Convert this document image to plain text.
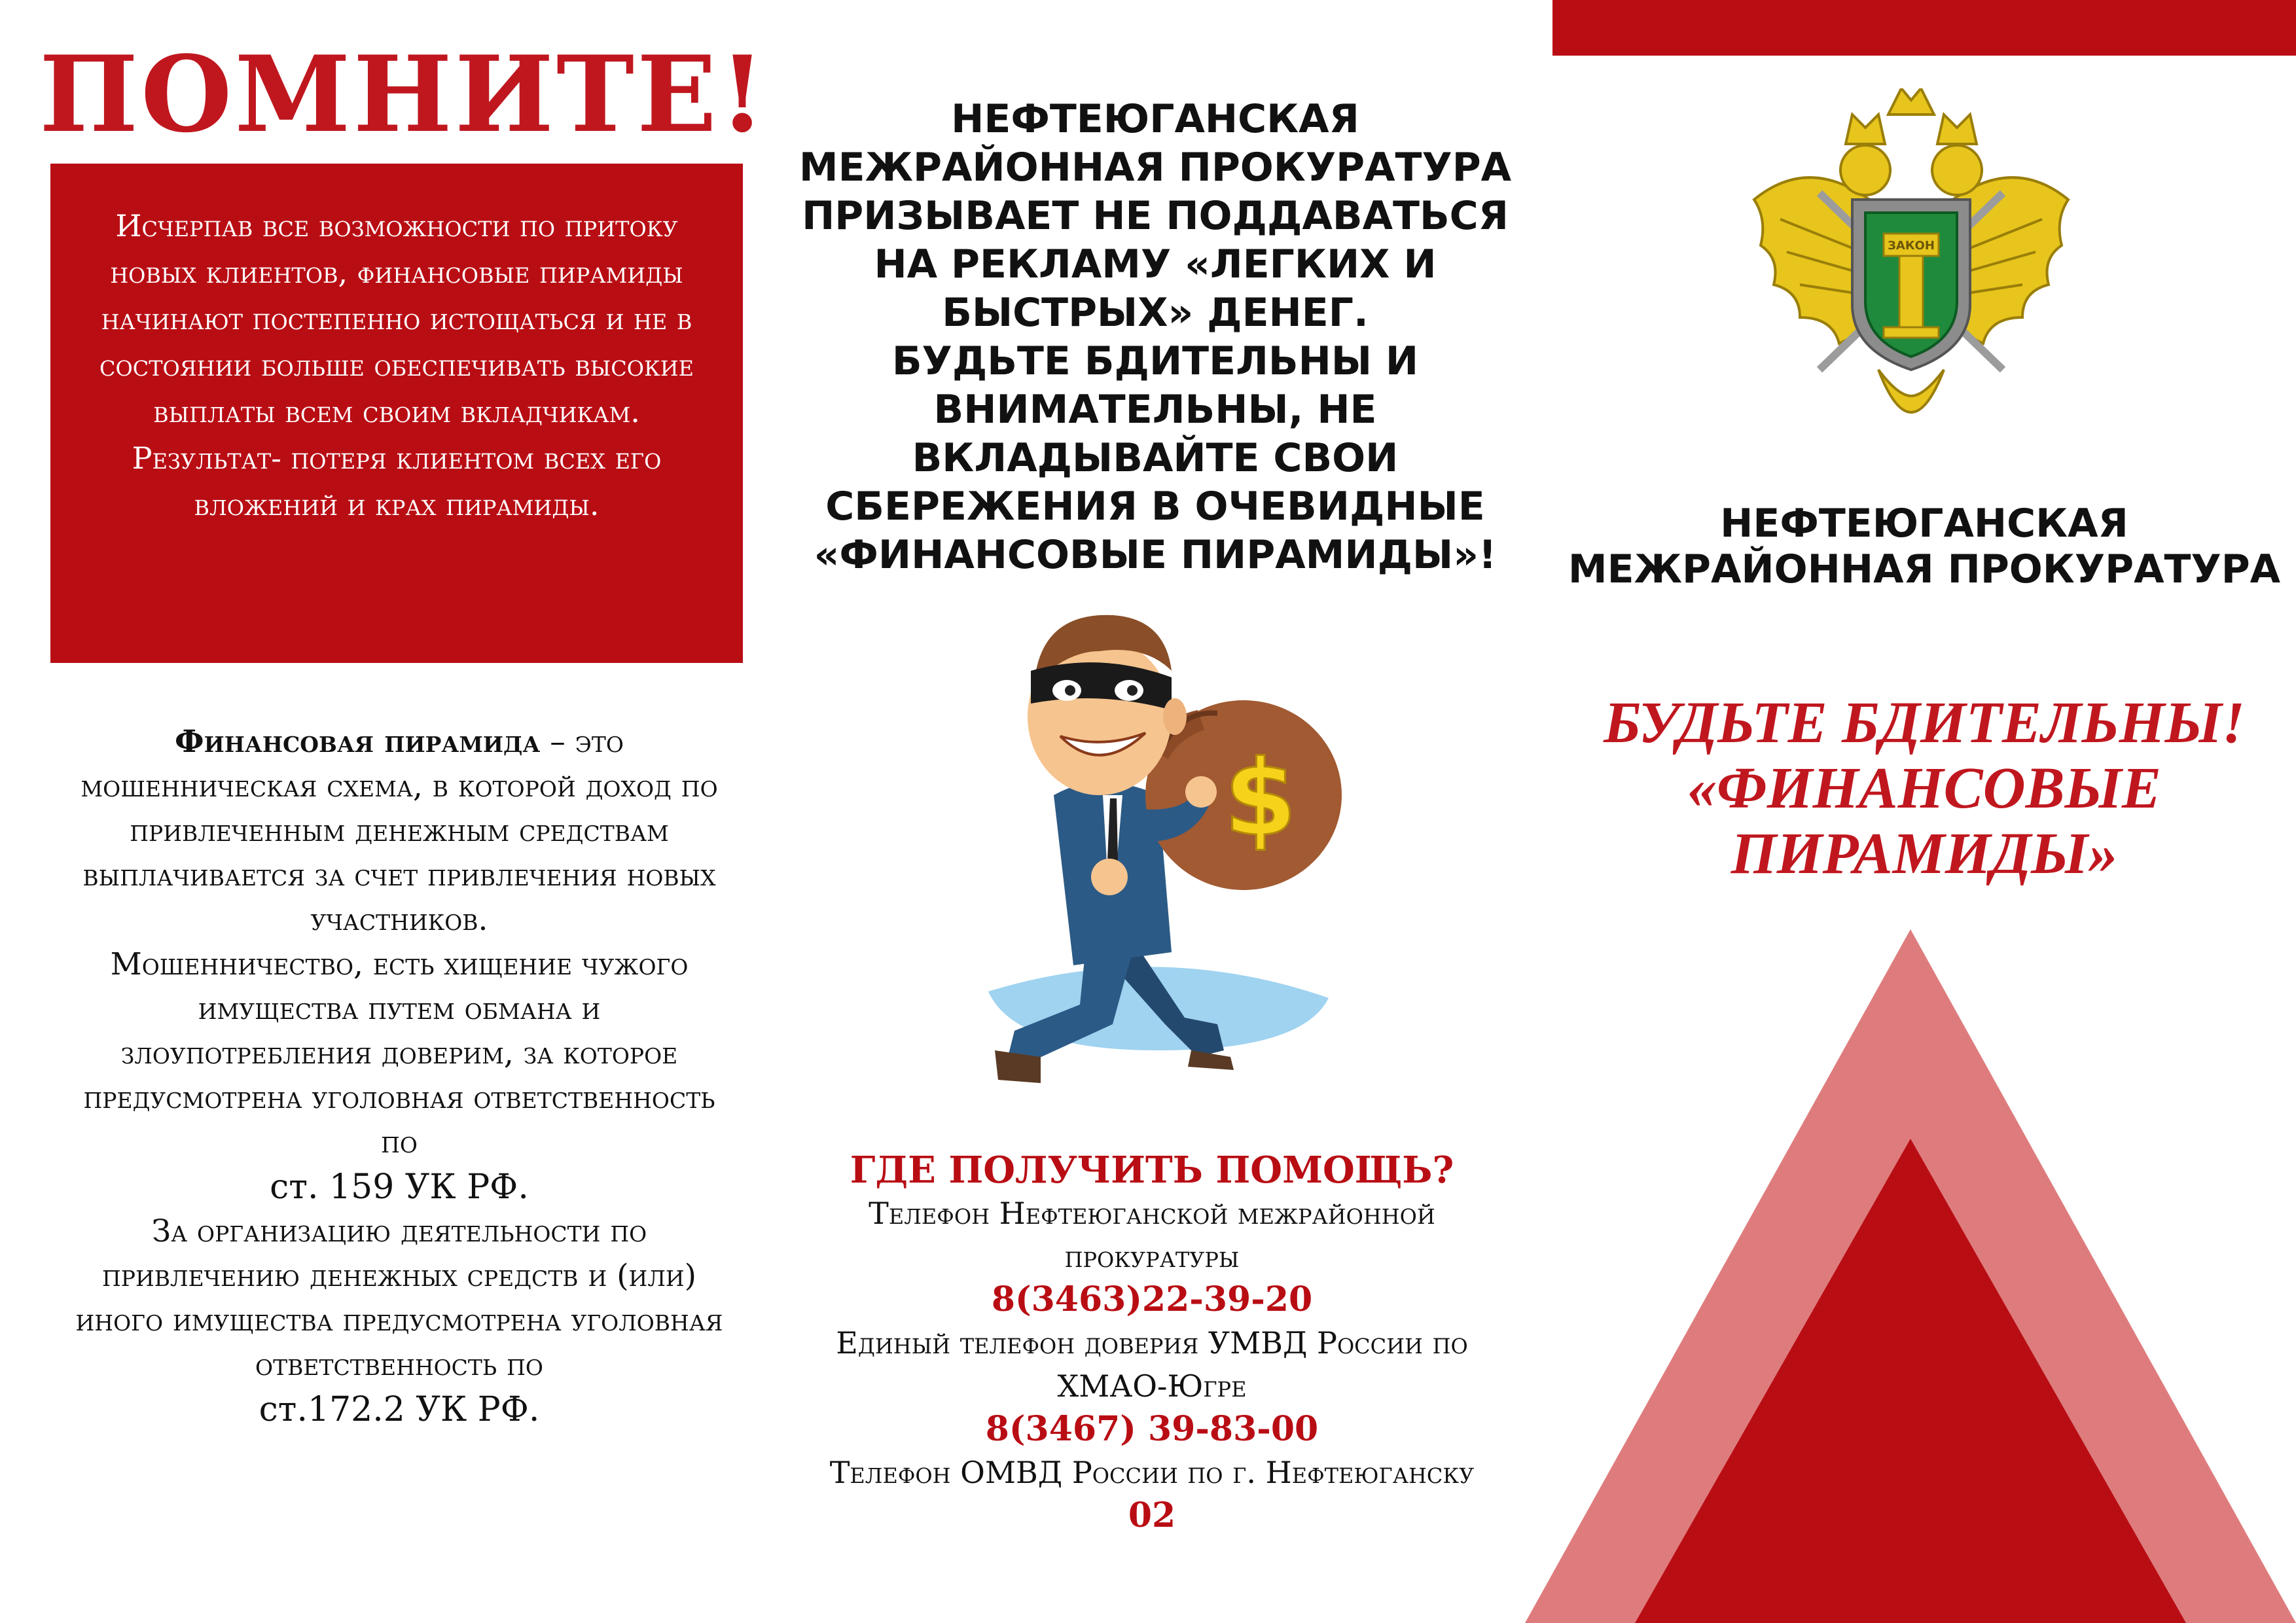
ПОМНИТЕ!

Исчерпав все возможности по притоку новых клиентов, финансовые пирамиды начинают постепенно истощаться и не в состоянии больше обеспечивать высокие выплаты всем своим вкладчикам.

Результат- потеря клиентом всех его вложений и крах пирамиды.

Финансовая пирамида – это мошенническая схема, в которой доход по привлеченным денежным средствам выплачивается за счет привлечения новых участников.

Мошенничество, есть хищение чужого имущества путем обмана и злоупотребления доверим, за которое предусмотрена уголовная ответственность по

ст. 159 УК РФ.

За организацию деятельности по привлечению денежных средств и (или) иного имущества предусмотрена уголовная ответственность по

ст.172.2 УК РФ.

НЕФТЕЮГАНСКАЯ
МЕЖРАЙОННАЯ ПРОКУРАТУРА
ПРИЗЫВАЕТ НЕ ПОДДАВАТЬСЯ
НА РЕКЛАМУ «ЛЕГКИХ И
БЫСТРЫХ» ДЕНЕГ.
БУДЬТЕ БДИТЕЛЬНЫ И
ВНИМАТЕЛЬНЫ, НЕ
ВКЛАДЫВАЙТЕ СВОИ
СБЕРЕЖЕНИЯ В ОЧЕВИДНЫЕ
«ФИНАНСОВЫЕ ПИРАМИДЫ»!
$
ГДЕ ПОЛУЧИТЬ ПОМОЩЬ?
Телефон Нефтеюганской межрайонной прокуратуры
8(3463)22-39-20
Единый телефон доверия УМВД России по ХМАО-Югре
8(3467) 39-83-00
Телефон ОМВД России по г. Нефтеюганску
02
ЗАКОН
НЕФТЕЮГАНСКАЯ
МЕЖРАЙОННАЯ ПРОКУРАТУРА
БУДЬТЕ БДИТЕЛЬНЫ!
«ФИНАНСОВЫЕ
ПИРАМИДЫ»
